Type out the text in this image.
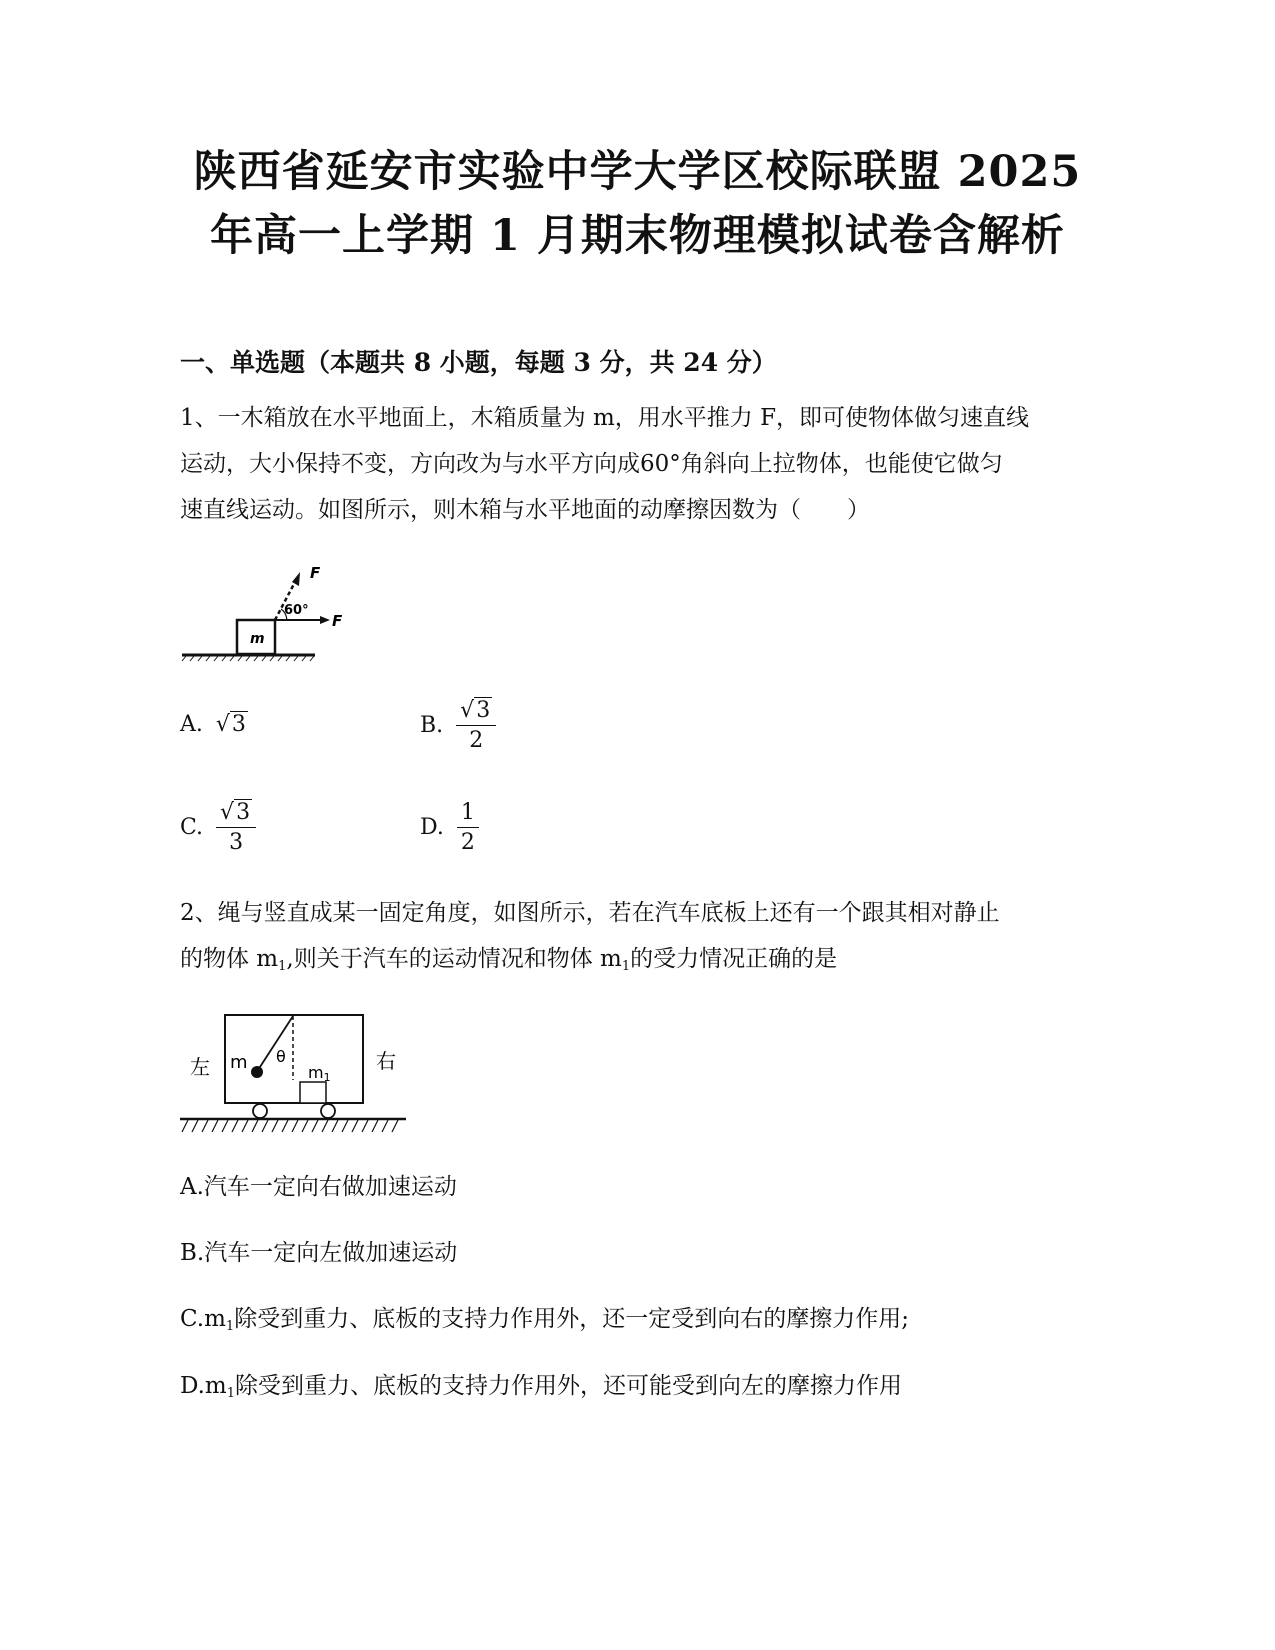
陕西省延安市实验中学大学区校际联盟 2025
年高一上学期 1 月期末物理模拟试卷含解析
一、单选题（本题共 8 小题，每题 3 分，共 24 分）
1、一木箱放在水平地面上，木箱质量为 m，用水平推力 F，即可使物体做匀速直线
运动，大小保持不变，方向改为与水平方向成60°角斜向上拉物体，也能使它做匀
速直线运动。如图所示，则木箱与水平地面的动摩擦因数为（　　）
m
F
F
60°
A. √3	B. $\frac{√3}{2}$
C. $\frac{√3}{3}$	D. $\frac{1}{2}$
2、绳与竖直成某一固定角度，如图所示，若在汽车底板上还有一个跟其相对静止
的物体 $m_1$,则关于汽车的运动情况和物体 $m_1$的受力情况正确的是
m θ
m1
左	右
A.汽车一定向右做加速运动
B.汽车一定向左做加速运动
$C.m_1$除受到重力、底板的支持力作用外，还一定受到向右的摩擦力作用;
$D.m_1$除受到重力、底板的支持力作用外，还可能受到向左的摩擦力作用
